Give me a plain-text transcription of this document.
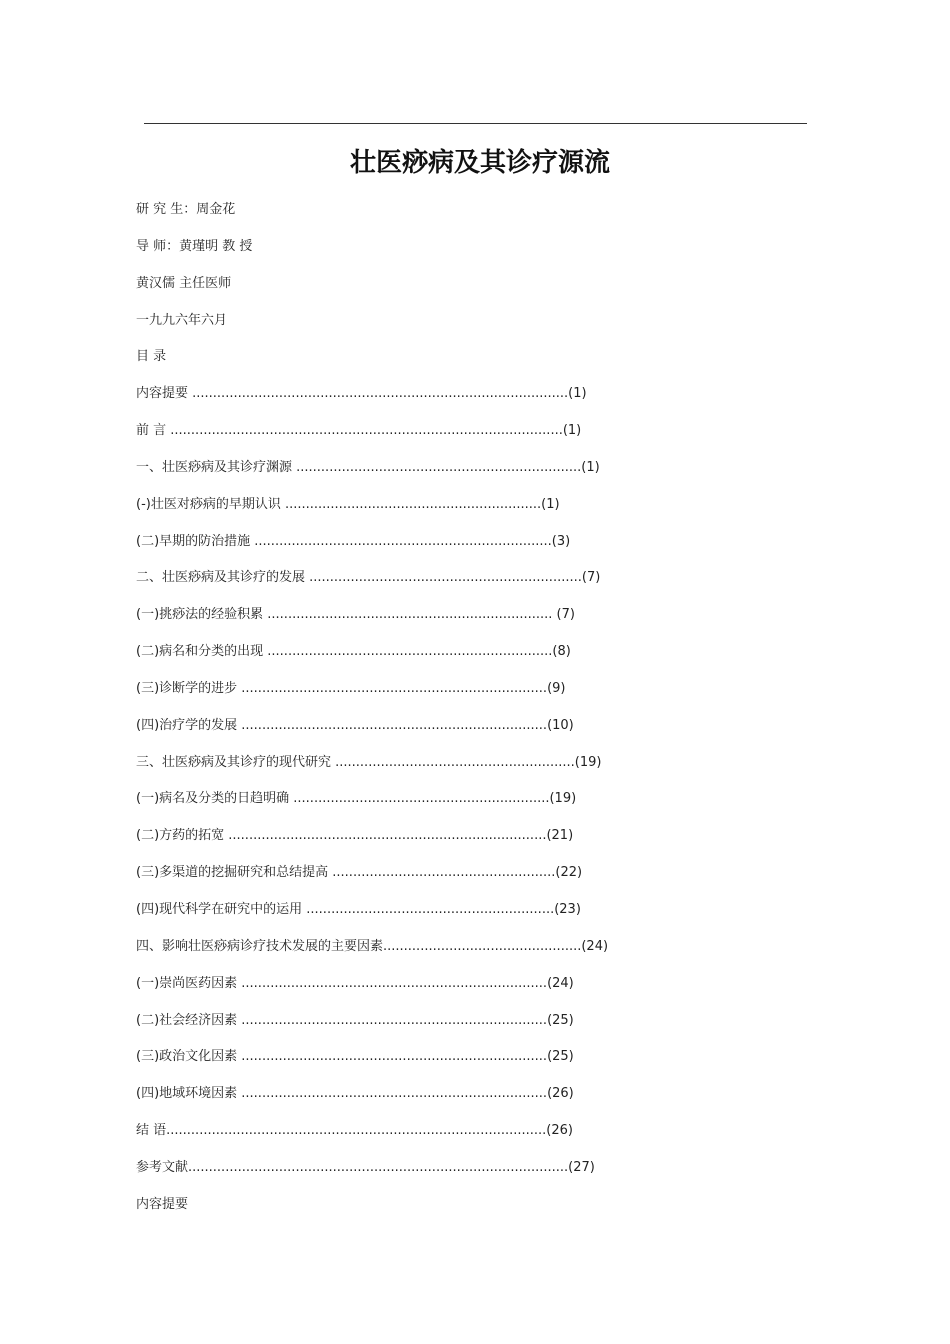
壮医痧病及其诊疗源流
研 究 生：周金花
导 师：黄瑾明 教 授
黄汉儒 主任医师
一九九六年六月
目 录
内容提要 ...........................................................................................(1)
前 言 ...............................................................................................(1)
一、壮医痧病及其诊疗渊源 .....................................................................(1)
(-)壮医对痧病的早期认识 ..............................................................(1)
(二)早期的防治措施 ........................................................................(3)
二、壮医痧病及其诊疗的发展 ..................................................................(7)
(一)挑痧法的经验积累 ..................................................................... (7)
(二)病名和分类的出现 .....................................................................(8)
(三)诊断学的进步 ..........................................................................(9)
(四)治疗学的发展 ..........................................................................(10)
三、壮医痧病及其诊疗的现代研究 ..........................................................(19)
(一)病名及分类的日趋明确 ..............................................................(19)
(二)方药的拓宽 .............................................................................(21)
(三)多渠道的挖掘研究和总结提高 ......................................................(22)
(四)现代科学在研究中的运用 ............................................................(23)
四、影响壮医痧病诊疗技术发展的主要因素................................................(24)
(一)崇尚医药因素 ..........................................................................(24)
(二)社会经济因素 ..........................................................................(25)
(三)政治文化因素 ..........................................................................(25)
(四)地域环境因素 ..........................................................................(26)
结 语............................................................................................(26)
参考文献............................................................................................(27)
内容提要
